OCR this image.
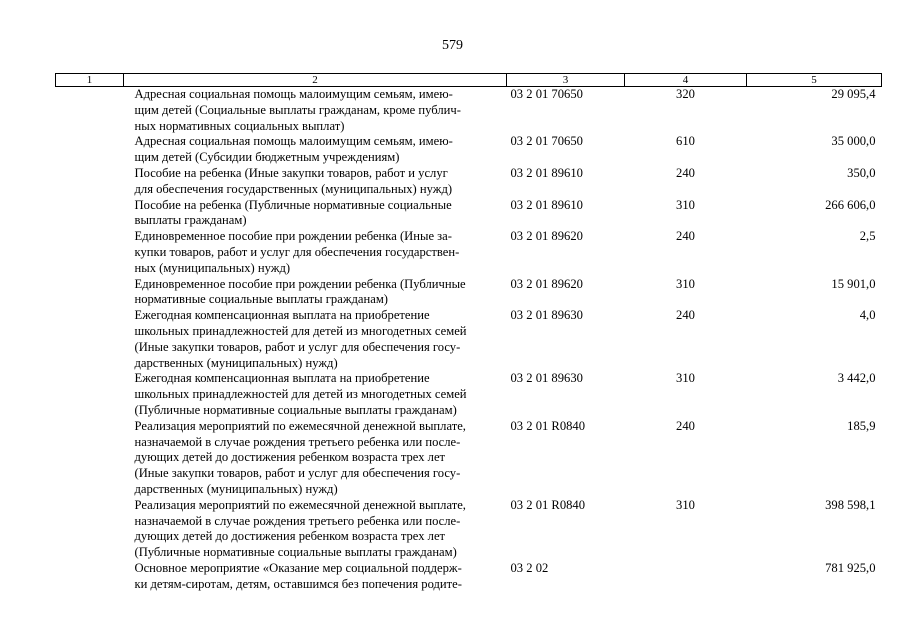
579
1	2	3	4	5

	Адресная социальная помощь малоимущим семьям, имею-
щим детей (Социальные выплаты гражданам, кроме публич-
ных нормативных социальных выплат)	03 2 01 70650	320	29 095,4

	Адресная социальная помощь малоимущим семьям, имею-
щим детей (Субсидии бюджетным учреждениям)	03 2 01 70650	610	35 000,0

	Пособие на ребенка (Иные закупки товаров, работ и услуг
для обеспечения государственных (муниципальных) нужд)	03 2 01 89610	240	350,0

	Пособие на ребенка (Публичные нормативные социальные
выплаты гражданам)	03 2 01 89610	310	266 606,0

	Единовременное пособие при рождении ребенка (Иные за-
купки товаров, работ и услуг для обеспечения государствен-
ных (муниципальных) нужд)	03 2 01 89620	240	2,5

	Единовременное пособие при рождении ребенка (Публичные
нормативные социальные выплаты гражданам)	03 2 01 89620	310	15 901,0

	Ежегодная компенсационная выплата на приобретение
школьных принадлежностей для детей из многодетных семей
(Иные закупки товаров, работ и услуг для обеспечения госу-
дарственных (муниципальных) нужд)	03 2 01 89630	240	4,0

	Ежегодная компенсационная выплата на приобретение
школьных принадлежностей для детей из многодетных семей
(Публичные нормативные социальные выплаты гражданам)	03 2 01 89630	310	3 442,0

	Реализация мероприятий по ежемесячной денежной выплате,
назначаемой в случае рождения третьего ребенка или после-
дующих детей до достижения ребенком возраста трех лет
(Иные закупки товаров, работ и услуг для обеспечения госу-
дарственных (муниципальных) нужд)	03 2 01 R0840	240	185,9

	Реализация мероприятий по ежемесячной денежной выплате,
назначаемой в случае рождения третьего ребенка или после-
дующих детей до достижения ребенком возраста трех лет
(Публичные нормативные социальные выплаты гражданам)	03 2 01 R0840	310	398 598,1

	Основное мероприятие «Оказание мер социальной поддерж-
ки детям-сиротам, детям, оставшимся без попечения родите-	03 2 02		781 925,0
